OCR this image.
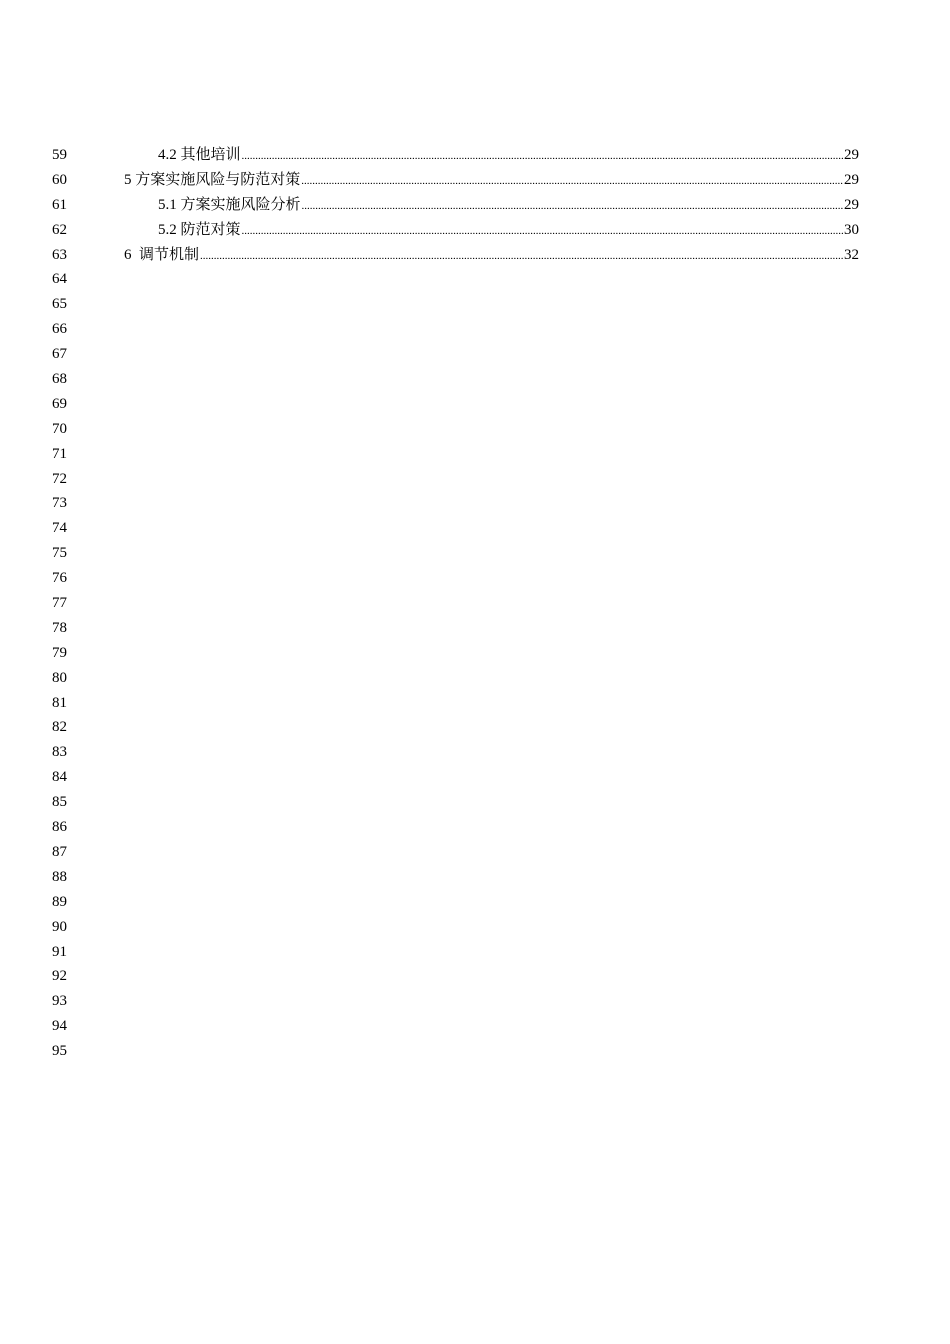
59
60
61
62
63
64
65
66
67
68
69
70
71
72
73
74
75
76
77
78
79
80
81
82
83
84
85
86
87
88
89
90
91
92
93
94
95
4.2 其他培训 .....	29
5 方案实施风险与防范对策 .....	29
5.1 方案实施风险分析 .....	29
5.2 防范对策 .....	30
6  调节机制 .....	32
